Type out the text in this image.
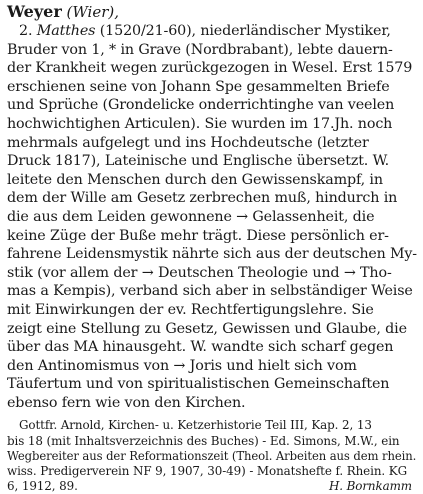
Weyer (Wier),

2. Matthes (1520/21-60), niederländischer Mystiker,

Bruder von 1, * in Grave (Nordbrabant), lebte dauern-

der Krankheit wegen zurückgezogen in Wesel. Erst 1579

erschienen seine von Johann Spe gesammelten Briefe

und Sprüche (Grondelicke onderrichtinghe van veelen

hochwichtighen Articulen). Sie wurden im 17.Jh. noch

mehrmals aufgelegt und ins Hochdeutsche (letzter

Druck 1817), Lateinische und Englische übersetzt. W.

leitete den Menschen durch den Gewissenskampf, in

dem der Wille am Gesetz zerbrechen muß, hindurch in

die aus dem Leiden gewonnene → Gelassenheit, die

keine Züge der Buße mehr trägt. Diese persönlich er-

fahrene Leidensmystik nährte sich aus der deutschen My-

stik (vor allem der → Deutschen Theologie und → Tho-

mas a Kempis), verband sich aber in selbständiger Weise

mit Einwirkungen der ev. Rechtfertigungslehre. Sie

zeigt eine Stellung zu Gesetz, Gewissen und Glaube, die

über das MA hinausgeht. W. wandte sich scharf gegen

den Antinomismus von → Joris und hielt sich vom

Täufertum und von spiritualistischen Gemeinschaften

ebenso fern wie von den Kirchen.

Gottfr. Arnold, Kirchen- u. Ketzerhistorie Teil III, Kap. 2, 13

bis 18 (mit Inhaltsverzeichnis des Buches) - Ed. Simons, M.W., ein

Wegbereiter aus der Reformationszeit (Theol. Arbeiten aus dem rhein.

wiss. Predigerverein NF 9, 1907, 30-49) - Monatshefte f. Rhein. KG

6, 1912, 89.	H. Bornkamm
